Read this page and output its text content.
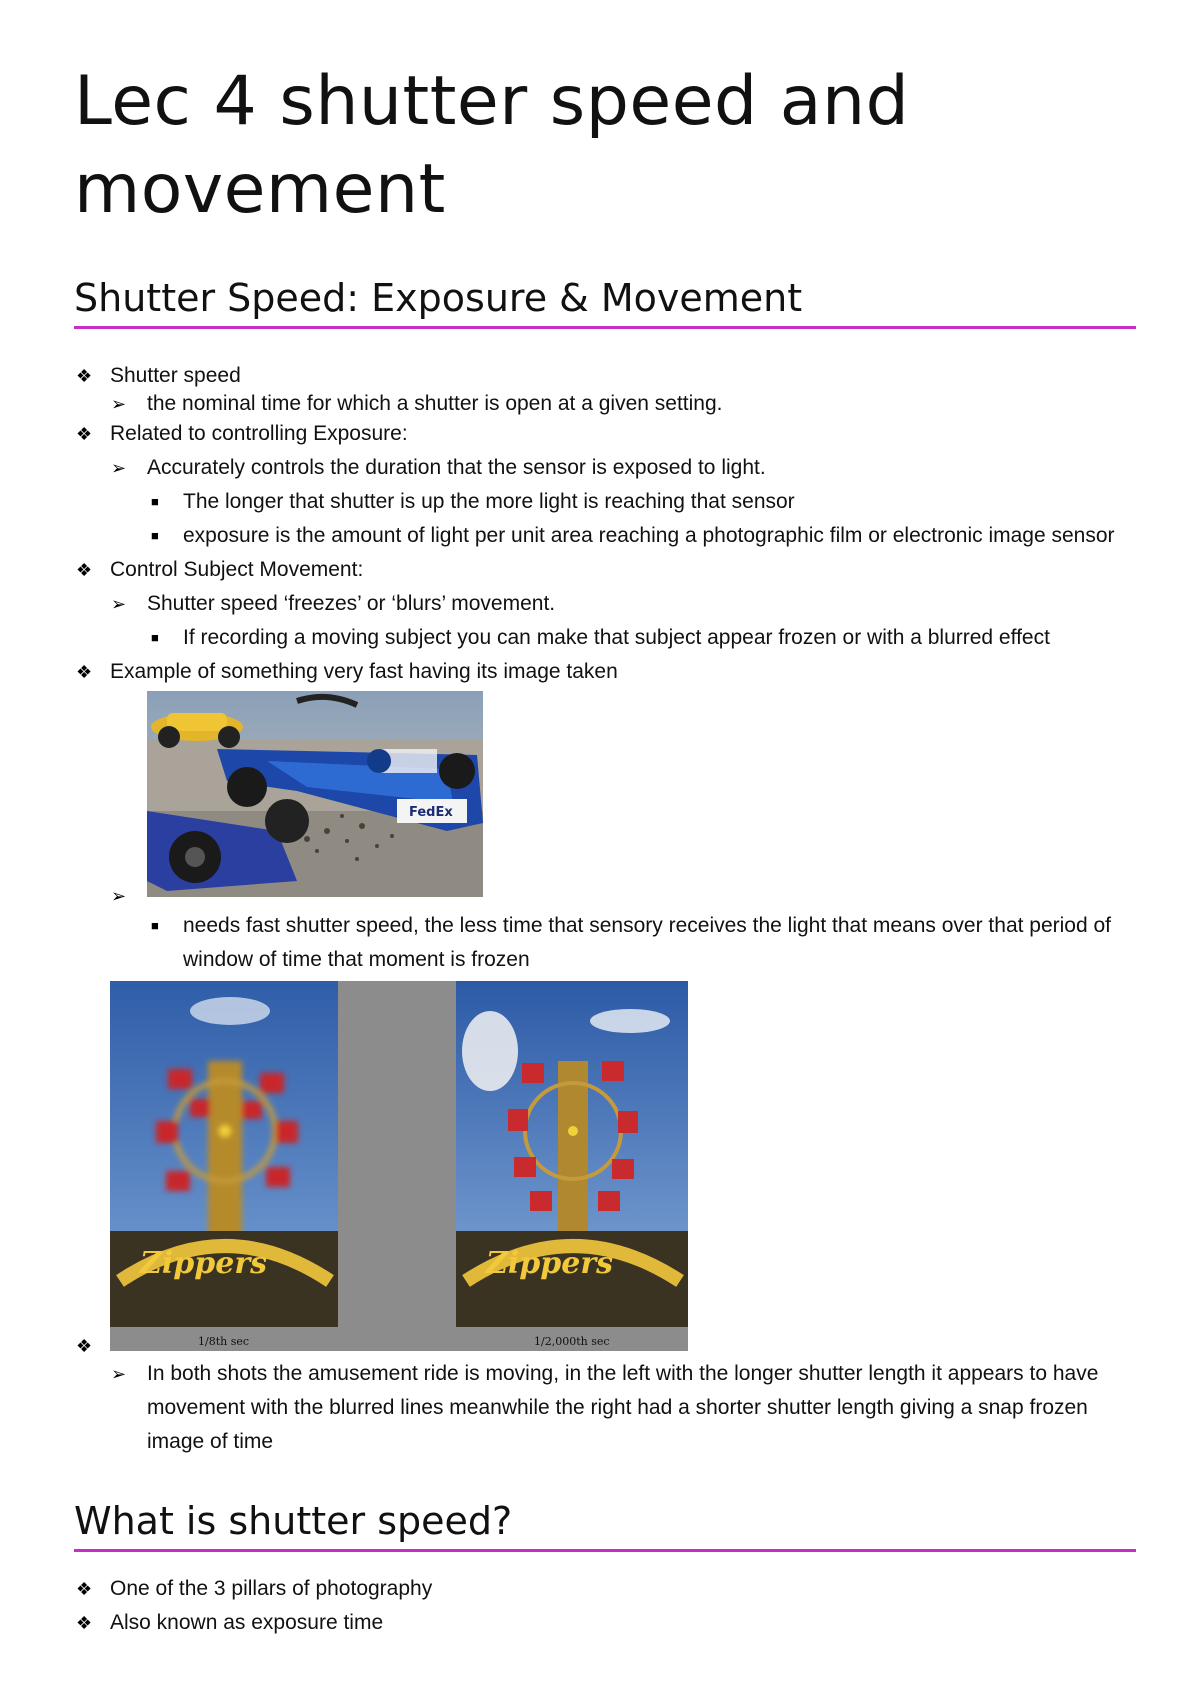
Lec 4 shutter speed and movement
Shutter Speed: Exposure & Movement
❖ Shutter speed
➢ the nominal time for which a shutter is open at a given setting.
❖ Related to controlling Exposure:
➢ Accurately controls the duration that the sensor is exposed to light.
■ The longer that shutter is up the more light is reaching that sensor
■ exposure is the amount of light per unit area reaching a photographic film or electronic image sensor
❖ Control Subject Movement:
➢ Shutter speed ‘freezes’ or ‘blurs’ movement.
■ If recording a moving subject you can make that subject appear frozen or with a blurred effect
❖ Example of something very fast having its image taken
➢
FedEx
■ needs fast shutter speed, the less time that sensory receives the light that means over that period of window of time that moment is frozen
❖
Zippers	Zippers
1/8th sec	1/2,000th sec
➢ In both shots the amusement ride is moving, in the left with the longer shutter length it appears to have movement with the blurred lines meanwhile the right had a shorter shutter length giving a snap frozen image of time
What is shutter speed?
❖ One of the 3 pillars of photography
❖ Also known as exposure time
